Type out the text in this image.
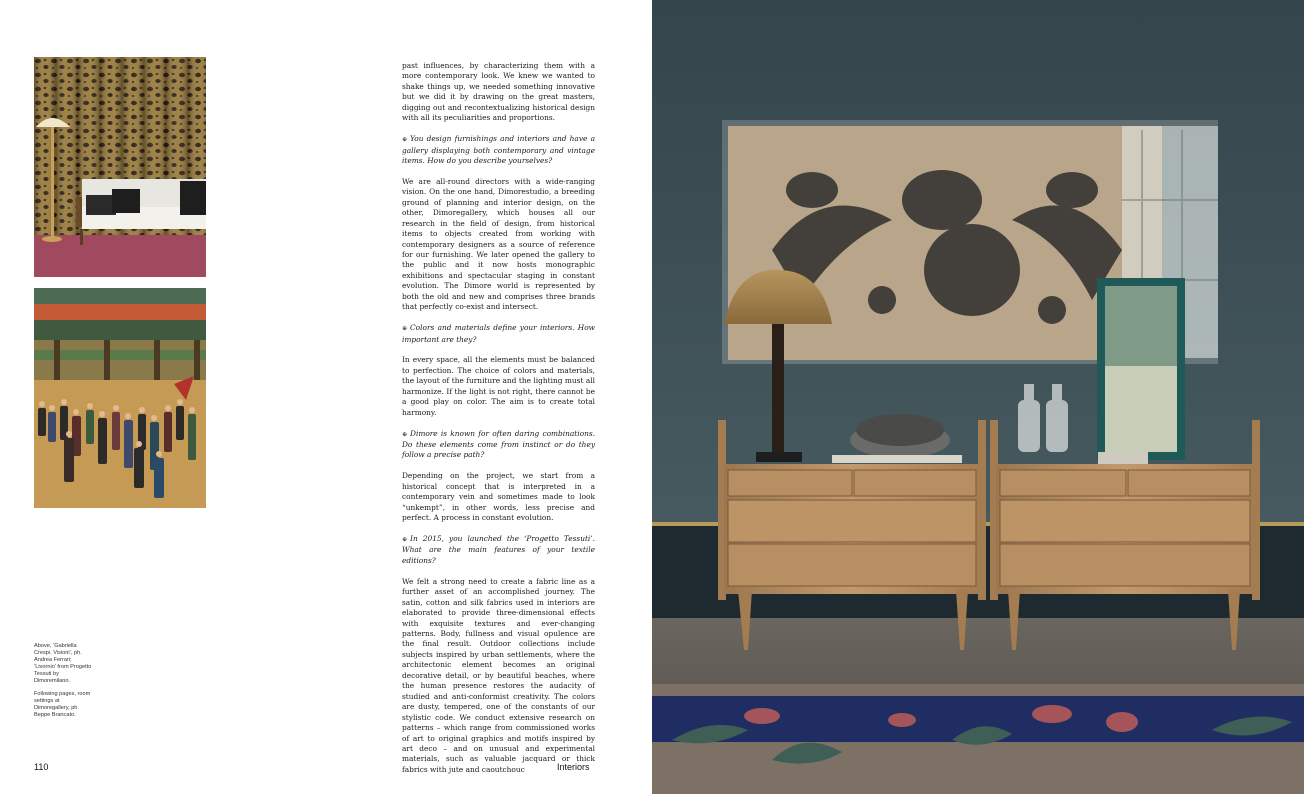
Above, ‘Gabriella Crespi. Visioni’, ph. Andrea Ferrari; ‘Livornio’ from Progetto Tessuti by Dimoremilano.

Following pages, room settings at Dimoregallery, ph. Beppe Brancato.

past influences, by characterizing them with a more contemporary look. We knew we wanted to shake things up, we needed something innovative but we did it by drawing on the great masters, digging out and recontextualizing historical design with all its peculiarities and proportions.

⊕ You design furnishings and interiors and have a gallery displaying both contemporary and vintage items. How do you describe yourselves?

We are all-round directors with a wide-ranging vision. On the one hand, Dimorestudio, a breeding ground of planning and interior design, on the other, Dimoregallery, which houses all our research in the field of design, from historical items to objects created from working with contemporary designers as a source of reference for our furnishing. We later opened the gallery to the public and it now hosts monographic exhibitions and spectacular staging in constant evolution. The Dimore world is represented by both the old and new and comprises three brands that perfectly co-exist and intersect.

⊕ Colors and materials define your interiors. How important are they?

In every space, all the elements must be balanced to perfection. The choice of colors and materials, the layout of the furniture and the lighting must all harmonize. If the light is not right, there cannot be a good play on color. The aim is to create total harmony.

⊕ Dimore is known for often daring combinations. Do these elements come from instinct or do they follow a precise path?

Depending on the project, we start from a historical concept that is interpreted in a contemporary vein and sometimes made to look “unkempt”, in other words, less precise and perfect. A process in constant evolution.

⊕ In 2015, you launched the ‘Progetto Tessuti’. What are the main features of your textile editions?

We felt a strong need to create a fabric line as a further asset of an accomplished journey. The satin, cotton and silk fabrics used in interiors are elaborated to provide three-dimensional effects with exquisite textures and ever-changing patterns. Body, fullness and visual opulence are the final result. Outdoor collections include subjects inspired by urban settlements, where the architectonic element becomes an original decorative detail, or by beautiful beaches, where the human presence restores the audacity of studied and anti-conformist creativity. The colors are dusty, tempered, one of the constants of our stylistic code. We conduct extensive research on patterns – which range from commissioned works of art to original graphics and motifs inspired by art deco – and on unusual and experimental materials, such as valuable jacquard or thick fabrics with jute and caoutchouc

110	Interiors
